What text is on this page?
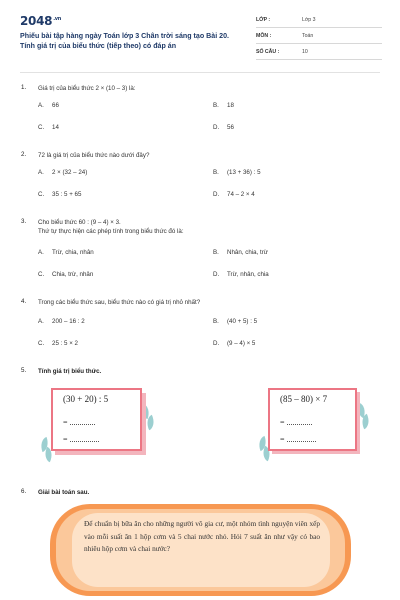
$2048^{.vn}$
Phiếu bài tập hàng ngày Toán lớp 3 Chân trời sáng tạo Bài 20. Tính giá trị của biểu thức (tiếp theo) có đáp án
LỚP :	Lớp 3
MÔN :	Toán
SỐ CÂU :	10
1. Giá trị của biểu thức 2 × (10 – 3) là:
A. 66	B. 18
C. 14	D. 56
2. 72 là giá trị của biểu thức nào dưới đây?
A. 2 × (32 – 24)	B. (13 + 36) : 5
C. 35 : 5 + 65	D. 74 – 2 × 4
3. Cho biểu thức 60 : (9 – 4) × 3.
Thứ tự thực hiện các phép tính trong biểu thức đó là:
A. Trừ, chia, nhân	B. Nhân, chia, trừ
C. Chia, trừ, nhân	D. Trừ, nhân, chia
4. Trong các biểu thức sau, biểu thức nào có giá trị nhỏ nhất?
A. 200 – 16 : 2	B. (40 + 5) : 5
C. 25 : 5 × 2	D. (9 – 4) × 5
5. Tính giá trị biểu thức.
(30 + 20) : 5
= .............
= ...............
(85 – 80) × 7
= .............
= ...............
6. Giải bài toán sau.
Để chuẩn bị bữa ăn cho những người vô gia cư, một nhóm tình nguyện viên xếp vào mỗi suất ăn 1 hộp cơm và 5 chai nước nhỏ. Hỏi 7 suất ăn như vậy có bao nhiêu hộp cơm và chai nước?
